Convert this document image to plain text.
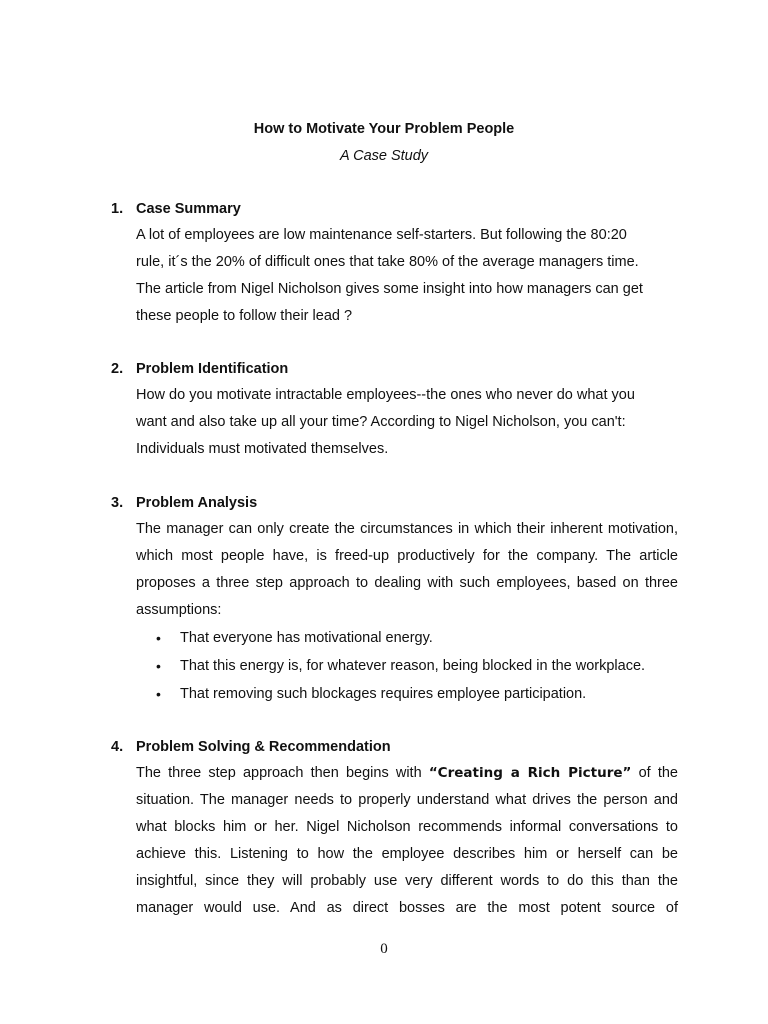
How to Motivate Your Problem People
A Case Study
1. Case Summary

A lot of employees are low maintenance self-starters. But following the 80:20

rule, it´s the 20% of difficult ones that take 80% of the average managers time.

The article from Nigel Nicholson gives some insight into how managers can get

these people to follow their lead ?

2. Problem Identification

How do you motivate intractable employees--the ones who never do what you

want and also take up all your time? According to Nigel Nicholson, you can't:

Individuals must motivated themselves.

3. Problem Analysis

The manager can only create the circumstances in which their inherent motivation, which most people have, is freed-up productively for the company. The article proposes a three step approach to dealing with such employees, based on three assumptions:

• That everyone has motivational energy.
• That this energy is, for whatever reason, being blocked in the workplace.
• That removing such blockages requires employee participation.
4. Problem Solving & Recommendation

The three step approach then begins with “Creating a Rich Picture” of the situation. The manager needs to properly understand what drives the person and what blocks him or her. Nigel Nicholson recommends informal conversations to achieve this. Listening to how the employee describes him or herself can be insightful, since they will probably use very different words to do this than the manager would use. And as direct bosses are the most potent source of

0
